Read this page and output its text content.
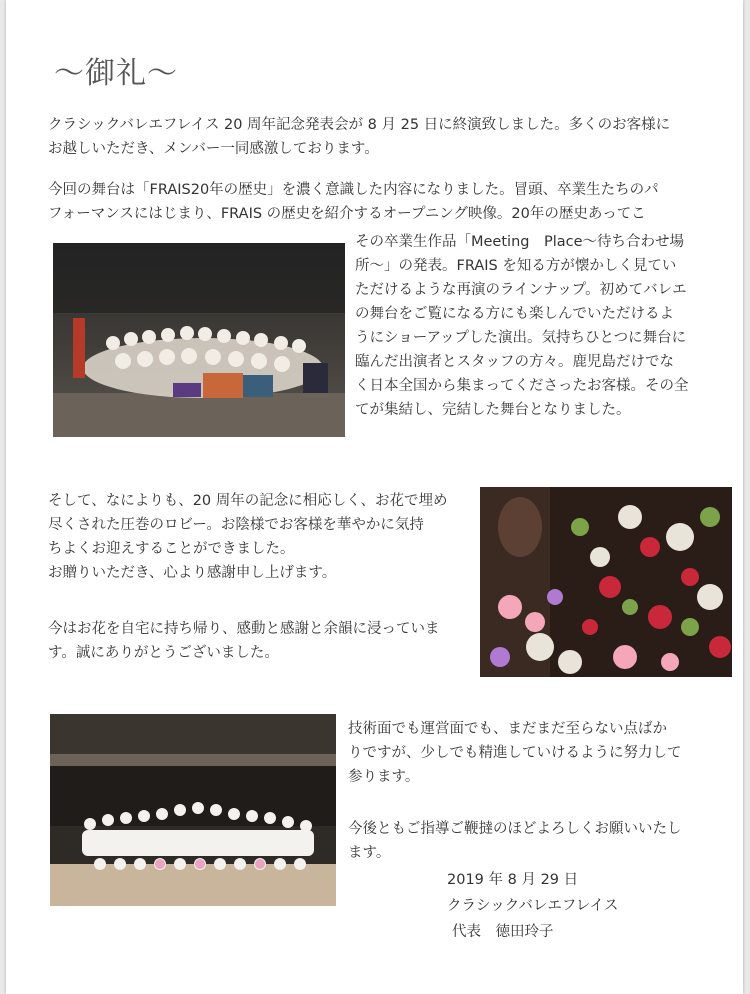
～御礼～

クラシックバレエフレイス 20 周年記念発表会が 8 月 25 日に終演致しました。多くのお客様に
お越しいただき、メンバー一同感激しております。

今回の舞台は「FRAIS20年の歴史」を濃く意識した内容になりました。冒頭、卒業生たちのパ
フォーマンスにはじまり、FRAIS の歴史を紹介するオープニング映像。20年の歴史あってこ

その卒業生作品「Meeting　Place～待ち合わせ場
所～」の発表。FRAIS を知る方が懐かしく見てい
ただけるような再演のラインナップ。初めてバレエ
の舞台をご覧になる方にも楽しんでいただけるよ
うにショーアップした演出。気持ちひとつに舞台に
臨んだ出演者とスタッフの方々。鹿児島だけでな
く日本全国から集まってくださったお客様。その全
てが集結し、完結した舞台となりました。

そして、なによりも、20 周年の記念に相応しく、お花で埋め
尽くされた圧巻のロビー。お陰様でお客様を華やかに気持
ちよくお迎えすることができました。
お贈りいただき、心より感謝申し上げます。

今はお花を自宅に持ち帰り、感動と感謝と余韻に浸っていま
す。誠にありがとうございました。

技術面でも運営面でも、まだまだ至らない点ばか
りですが、少しでも精進していけるように努力して
参ります。

今後ともご指導ご鞭撻のほどよろしくお願いいたし
ます。

2019 年 8 月 29 日
クラシックバレエフレイス
代表　徳田玲子
